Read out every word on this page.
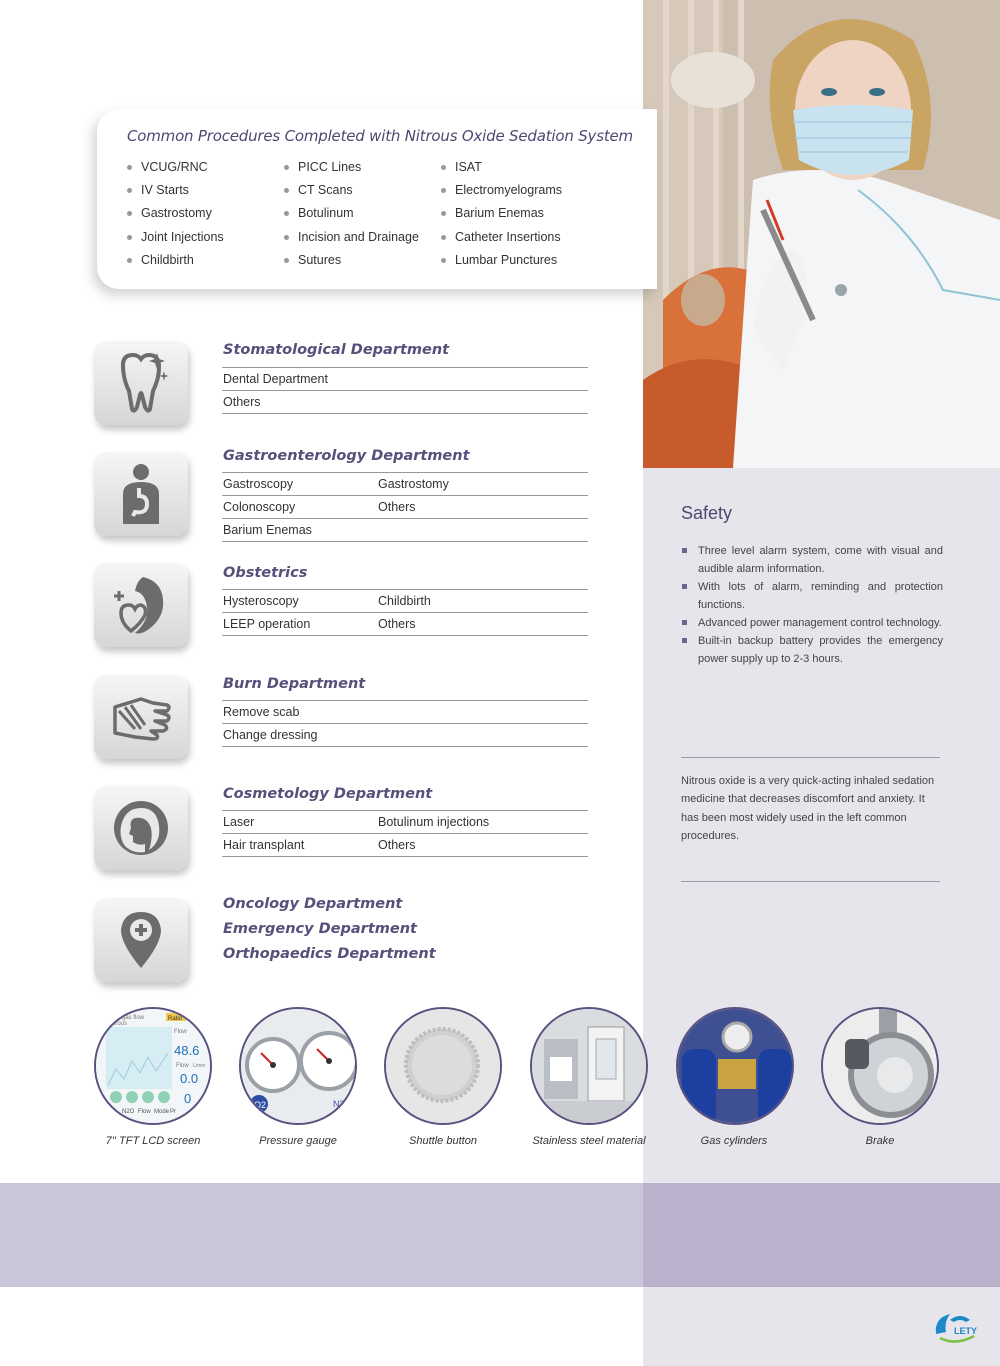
Common Procedures Completed with Nitrous Oxide Sedation System
VCUG/RNC
IV Starts
Gastrostomy
Joint Injections
Childbirth
PICC Lines
CT Scans
Botulinum
Incision and Drainage
Sutures
ISAT
Electromyelograms
Barium Enemas
Catheter Insertions
Lumbar Punctures
Stomatological Department
Dental Department
Others
Gastroenterology Department
Gastroscopy	Gastrostomy
Colonoscopy	Others
Barium Enemas
Obstetrics
Hysteroscopy	Childbirth
LEEP operation	Others
Burn Department
Remove scab
Change dressing
Cosmetology Department
Laser	Botulinum injections
Hair transplant	Others
Oncology Department
Emergency Department
Orthopaedics Department
Safety
Three level alarm system, come with visual and audible alarm information.
With lots of alarm, reminding and protection functions.
Advanced power management control technology.
Built-in backup battery provides the emergency power supply up to 2-3 hours.
Nitrous oxide is a very quick-acting inhaled sedation medicine that decreases discomfort and anxiety. It has been most widely used in the left common procedures.
Next gas flow
Nitrous
Ratio
Flow
48.6
Flow L/min
0.0
0
O2 N2O Flow Mode Pr
O2	N2O
7'' TFT LCD screen	Pressure gauge	Shuttle button	Stainless steel material	Gas cylinders	Brake
LETY
